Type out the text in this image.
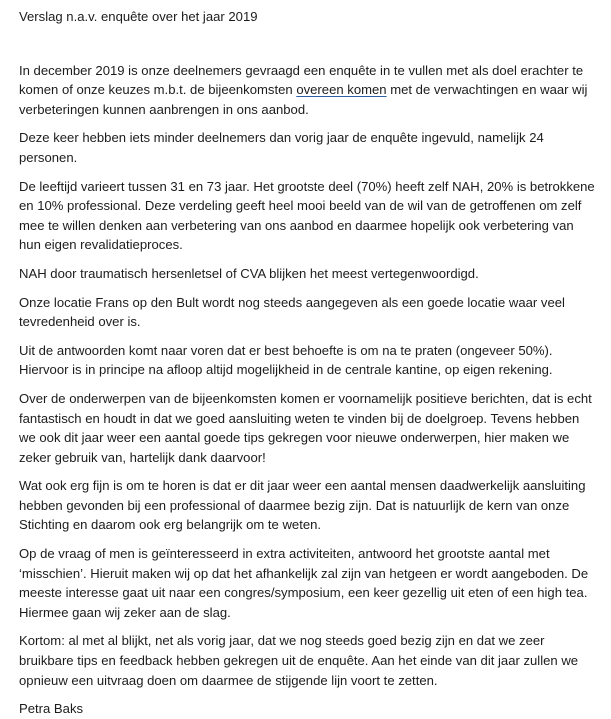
Verslag n.a.v. enquête over het jaar 2019

In december 2019 is onze deelnemers gevraagd een enquête in te vullen met als doel erachter te komen of onze keuzes m.b.t. de bijeenkomsten overeen komen met de verwachtingen en waar wij verbeteringen kunnen aanbrengen in ons aanbod.

Deze keer hebben iets minder deelnemers dan vorig jaar de enquête ingevuld, namelijk 24 personen.

De leeftijd varieert tussen 31 en 73 jaar. Het grootste deel (70%) heeft zelf NAH, 20% is betrokkene en 10% professional. Deze verdeling geeft heel mooi beeld van de wil van de getroffenen om zelf mee te willen denken aan verbetering van ons aanbod en daarmee hopelijk ook verbetering van hun eigen revalidatieproces.

NAH door traumatisch hersenletsel of CVA blijken het meest vertegenwoordigd.

Onze locatie Frans op den Bult wordt nog steeds aangegeven als een goede locatie waar veel tevredenheid over is.

Uit de antwoorden komt naar voren dat er best behoefte is om na te praten (ongeveer 50%). Hiervoor is in principe na afloop altijd mogelijkheid in de centrale kantine, op eigen rekening.

Over de onderwerpen van de bijeenkomsten komen er voornamelijk positieve berichten, dat is echt fantastisch en houdt in dat we goed aansluiting weten te vinden bij de doelgroep. Tevens hebben we ook dit jaar weer een aantal goede tips gekregen voor nieuwe onderwerpen, hier maken we zeker gebruik van, hartelijk dank daarvoor!

Wat ook erg fijn is om te horen is dat er dit jaar weer een aantal mensen daadwerkelijk aansluiting hebben gevonden bij een professional of daarmee bezig zijn. Dat is natuurlijk de kern van onze Stichting en daarom ook erg belangrijk om te weten.

Op de vraag of men is geïnteresseerd in extra activiteiten, antwoord het grootste aantal met ‘misschien’. Hieruit maken wij op dat het afhankelijk zal zijn van hetgeen er wordt aangeboden. De meeste interesse gaat uit naar een congres/symposium, een keer gezellig uit eten of een high tea. Hiermee gaan wij zeker aan de slag.

Kortom: al met al blijkt, net als vorig jaar, dat we nog steeds goed bezig zijn en dat we zeer bruikbare tips en feedback hebben gekregen uit de enquête. Aan het einde van dit jaar zullen we opnieuw een uitvraag doen om daarmee de stijgende lijn voort te zetten.

Petra Baks
